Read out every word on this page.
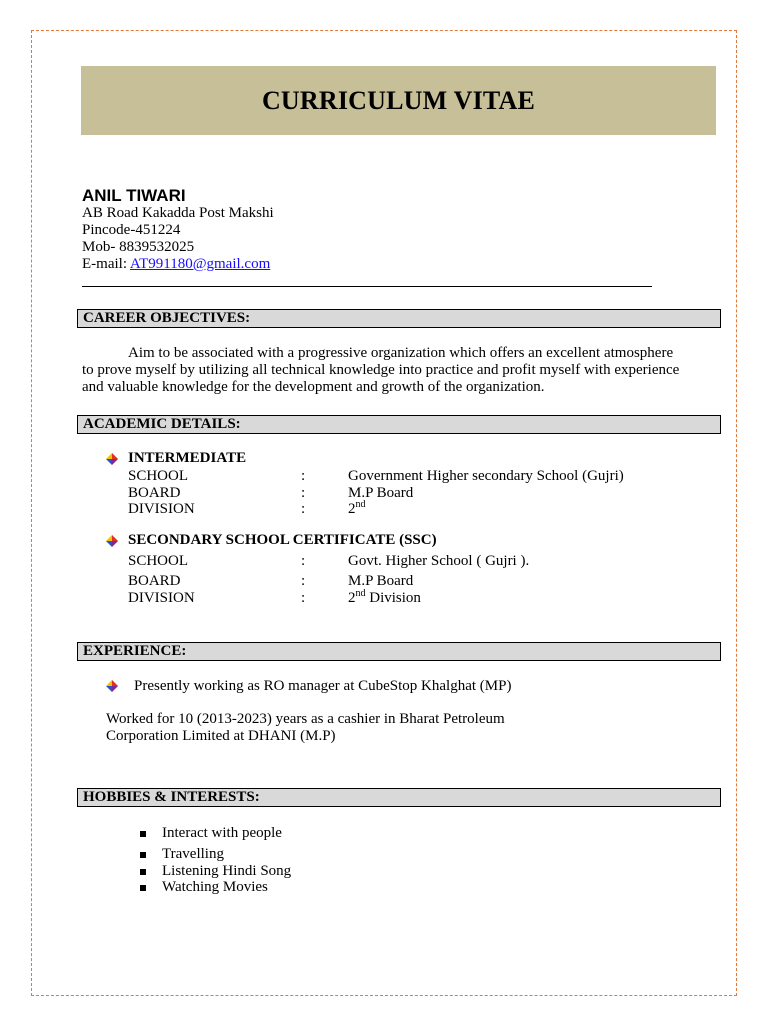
CURRICULUM VITAE
ANIL TIWARI
AB Road Kakadda Post Makshi
Pincode-451224
Mob- 8839532025
E-mail: AT991180@gmail.com
CAREER OBJECTIVES:
Aim to be associated with a progressive organization which offers an excellent atmosphere
to prove myself by utilizing all technical knowledge into practice and profit myself with experience
and valuable knowledge for the development and growth of the organization.
ACADEMIC DETAILS:
INTERMEDIATE
SCHOOL	:	Government Higher secondary School (Gujri)
BOARD	:	M.P Board
DIVISION	:	2nd
SECONDARY SCHOOL CERTIFICATE (SSC)
SCHOOL	:	Govt. Higher School ( Gujri ).
BOARD	:	M.P Board
DIVISION	:	2nd Division
EXPERIENCE:
Presently working as RO manager at CubeStop Khalghat (MP)
Worked for 10 (2013-2023) years as a cashier in Bharat Petroleum
Corporation Limited at DHANI (M.P)
HOBBIES & INTERESTS:
Interact with people
Travelling
Listening Hindi Song
Watching Movies
